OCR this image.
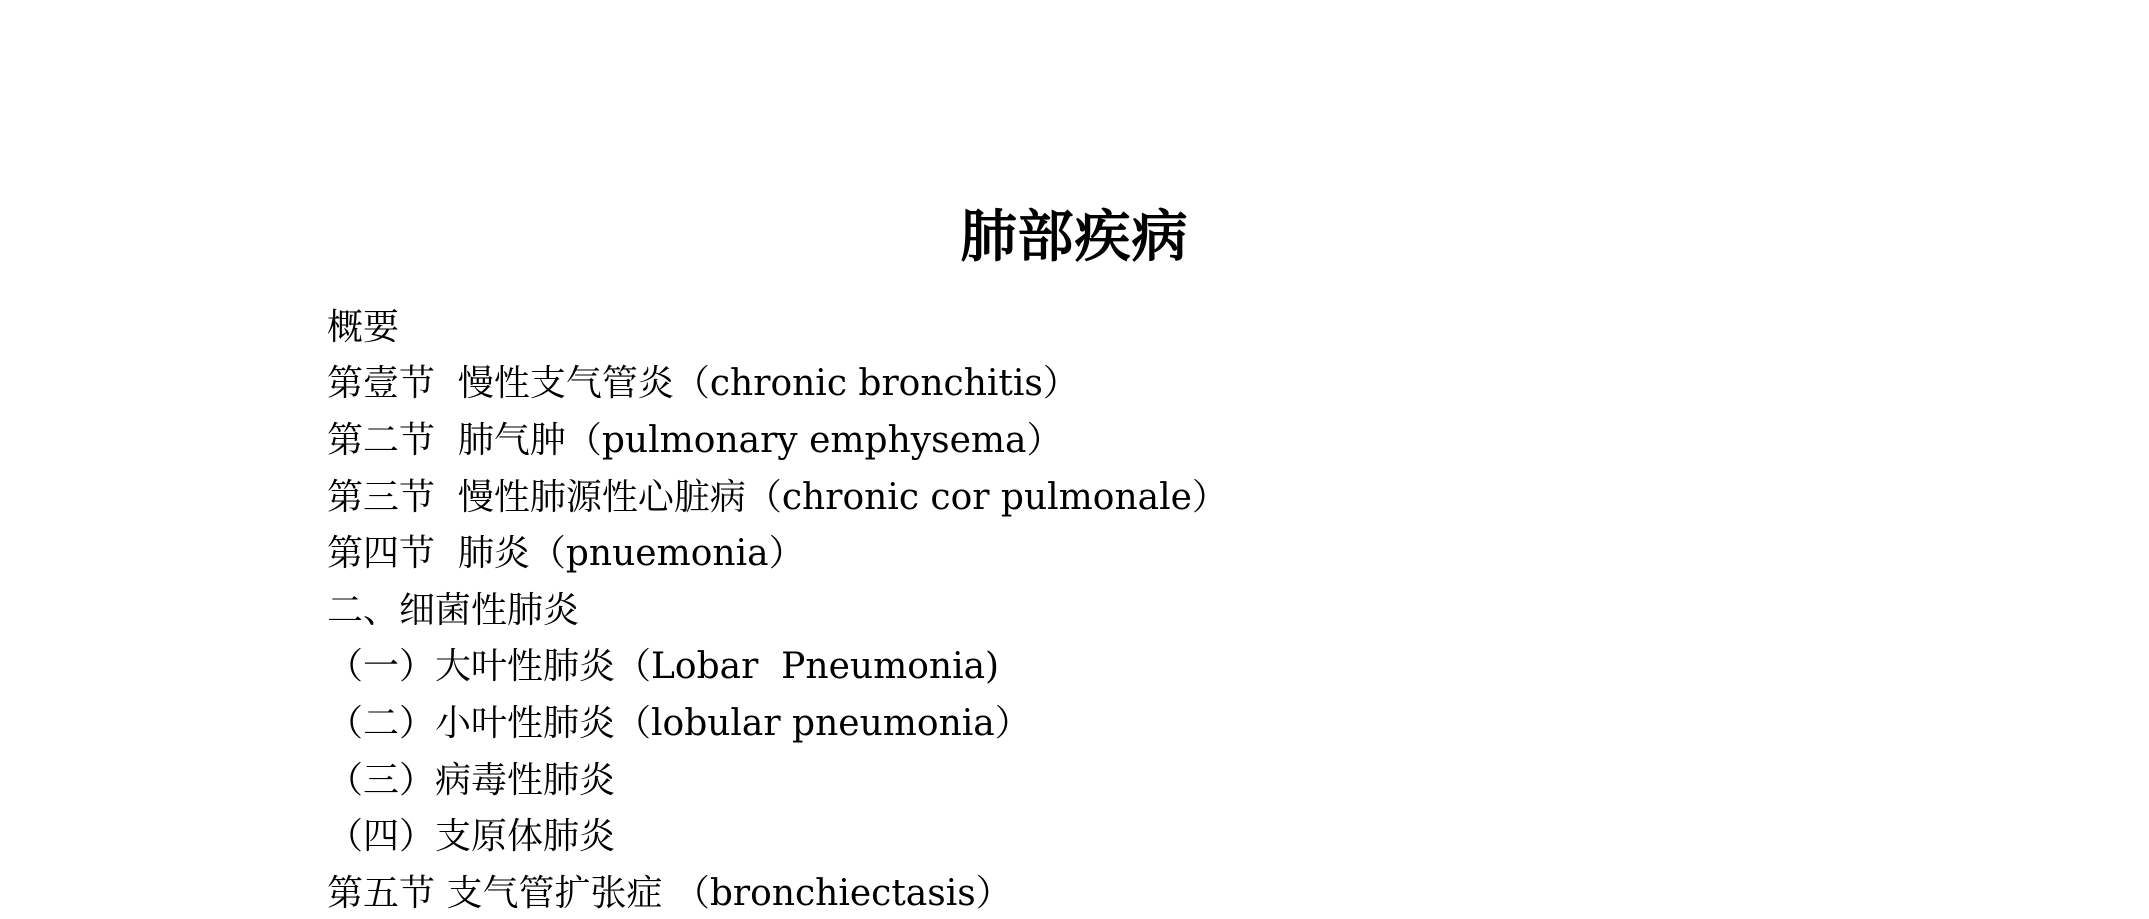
肺部疾病
概要
第壹节  慢性支气管炎（chronic bronchitis）
第二节  肺气肿（pulmonary emphysema）
第三节  慢性肺源性心脏病（chronic cor pulmonale）
第四节  肺炎（pnuemonia）
二、细菌性肺炎
（一）大叶性肺炎（Lobar  Pneumonia)
（二）小叶性肺炎（lobular pneumonia）
（三）病毒性肺炎
（四）支原体肺炎
第五节 支气管扩张症 （bronchiectasis）
